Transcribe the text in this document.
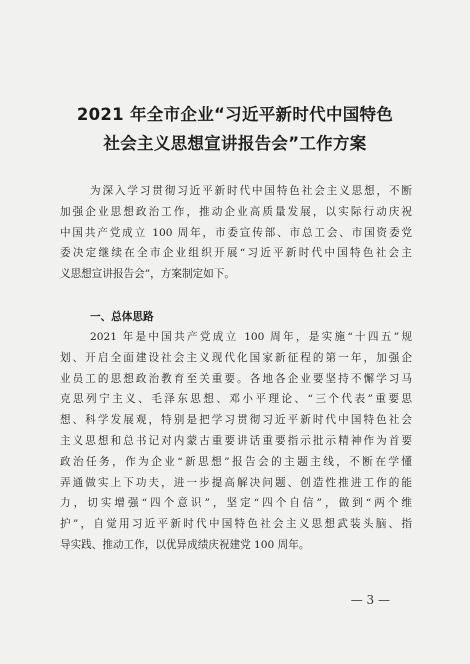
2021 年全市企业“习近平新时代中国特色
社会主义思想宣讲报告会”工作方案
为深入学习贯彻习近平新时代中国特色社会主义思想，不断
加强企业思想政治工作，推动企业高质量发展，以实际行动庆祝
中国共产党成立 100 周年，市委宣传部、市总工会、市国资委党
委决定继续在全市企业组织开展“习近平新时代中国特色社会主
义思想宣讲报告会”，方案制定如下。
一、总体思路
2021 年是中国共产党成立 100 周年，是实施“十四五”规
划、开启全面建设社会主义现代化国家新征程的第一年，加强企
业员工的思想政治教育至关重要。各地各企业要坚持不懈学习马
克思列宁主义、毛泽东思想、邓小平理论、“三个代表”重要思
想、科学发展观，特别是把学习贯彻习近平新时代中国特色社会
主义思想和总书记对内蒙古重要讲话重要指示批示精神作为首要
政治任务，作为企业“新思想”报告会的主题主线，不断在学懂
弄通做实上下功夫，进一步提高解决问题、创造性推进工作的能
力，切实增强“四个意识”，坚定“四个自信”，做到“两个维
护”，自觉用习近平新时代中国特色社会主义思想武装头脑、指
导实践、推动工作，以优异成绩庆祝建党 100 周年。
— 3 —
